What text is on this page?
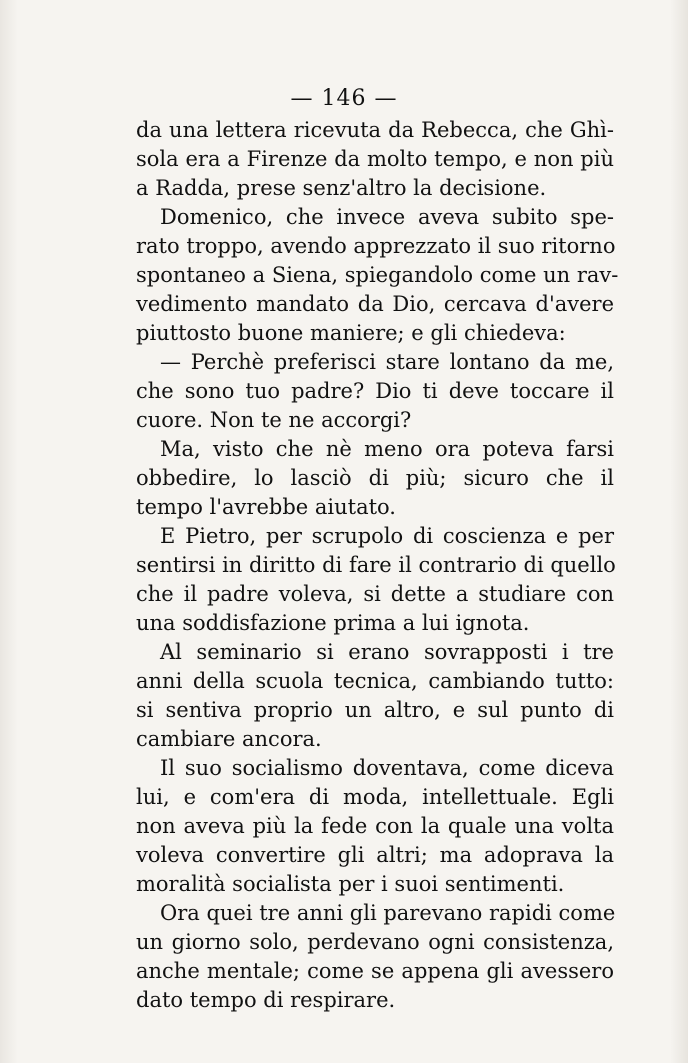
— 146 —

da una lettera ricevuta da Rebecca, che Ghì-
sola era a Firenze da molto tempo, e non più
a Radda, prese senz'altro la decisione.

Domenico, che invece aveva subito spe-
rato troppo, avendo apprezzato il suo ritorno
spontaneo a Siena, spiegandolo come un rav-
vedimento mandato da Dio, cercava d'avere
piuttosto buone maniere; e gli chiedeva:

— Perchè preferisci stare lontano da me,
che sono tuo padre? Dio ti deve toccare il
cuore. Non te ne accorgi?

Ma, visto che nè meno ora poteva farsi
obbedire, lo lasciò di più; sicuro che il
tempo l'avrebbe aiutato.

E Pietro, per scrupolo di coscienza e per
sentirsi in diritto di fare il contrario di quello
che il padre voleva, si dette a studiare con
una soddisfazione prima a lui ignota.

Al seminario si erano sovrapposti i tre
anni della scuola tecnica, cambiando tutto:
si sentiva proprio un altro, e sul punto di
cambiare ancora.

Il suo socialismo doventava, come diceva
lui, e com'era di moda, intellettuale. Egli
non aveva più la fede con la quale una volta
voleva convertire gli altri; ma adoprava la
moralità socialista per i suoi sentimenti.

Ora quei tre anni gli parevano rapidi come
un giorno solo, perdevano ogni consistenza,
anche mentale; come se appena gli avessero
dato tempo di respirare.
